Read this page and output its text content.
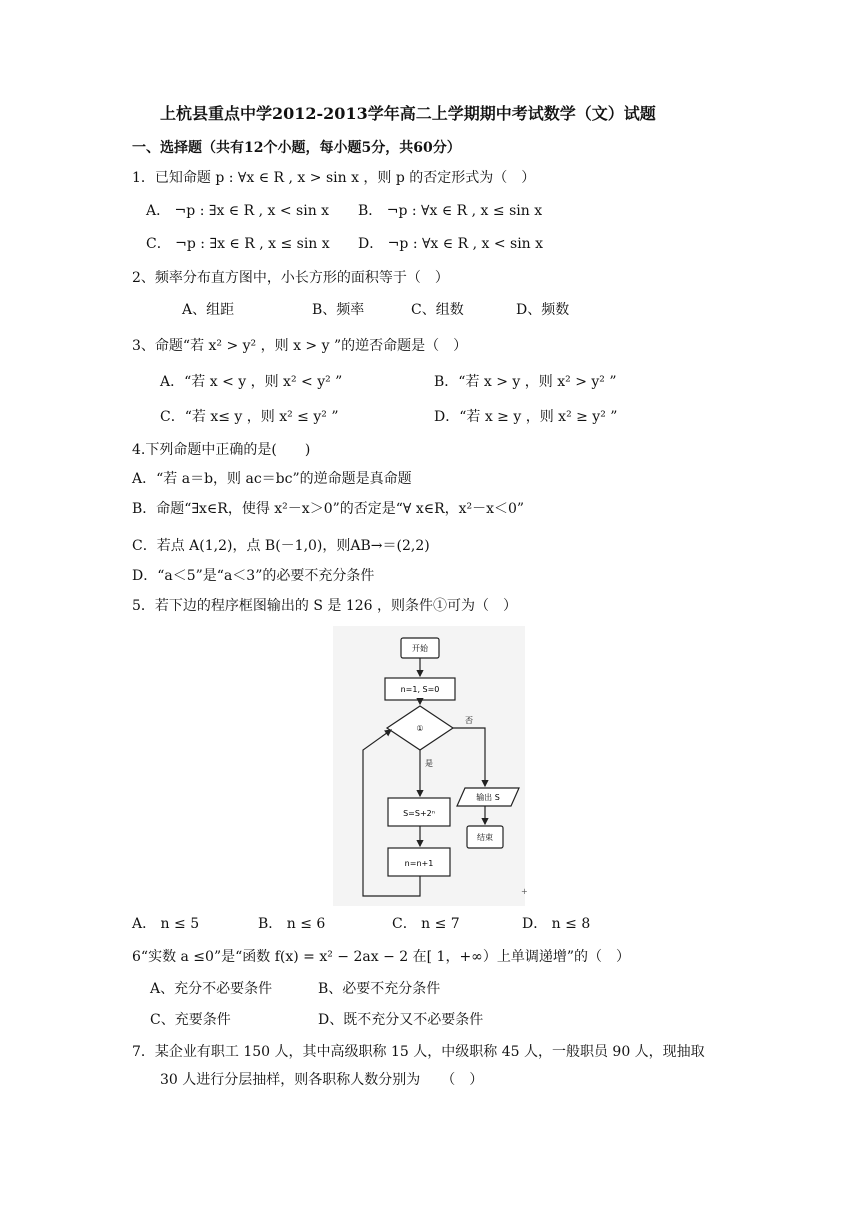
上杭县重点中学2012-2013学年高二上学期期中考试数学（文）试题
一、选择题（共有12个小题，每小题5分，共60分）
1．已知命题 p : ∀x ∈ R , x > sin x ，则 p 的否定形式为（　）
A． ¬p : ∃x ∈ R , x < sin x B． ¬p : ∀x ∈ R , x ≤ sin x
C． ¬p : ∃x ∈ R , x ≤ sin x D． ¬p : ∀x ∈ R , x < sin x
2、频率分布直方图中，小长方形的面积等于（　）
A、组距	B、频率	C、组数	D、频数
3、命题“若 x² > y² ，则 x > y ”的逆否命题是（　）
A．“若 x < y ，则 x² < y² ”	B．“若 x > y ，则 x² > y² ”
C．“若 x≤ y ，则 x² ≤ y² ”	D．“若 x ≥ y ，则 x² ≥ y² ”
4.下列命题中正确的是(　　)
A．“若 a＝b，则 ac＝bc”的逆命题是真命题
B．命题“∃x∈R，使得 x²－x＞0”的否定是“∀ x∈R，x²－x＜0”
C．若点 A(1,2)，点 B(－1,0)，则AB→＝(2,2)
D．“a＜5”是“a＜3”的必要不充分条件
5．若下边的程序框图输出的 S 是 126 ，则条件①可为（　）
开始
n=1, S=0
①
否
输出 S
结束
是
S=S+2ⁿ
n=n+1
+
A． n ≤ 5	B． n ≤ 6	C． n ≤ 7	D． n ≤ 8
6“实数 a ≤0”是“函数 f(x) = x² − 2ax − 2 在[ 1，+∞）上单调递增”的（　）
A、充分不必要条件	B、必要不充分条件
C、充要条件	D、既不充分又不必要条件
7．某企业有职工 150 人，其中高级职称 15 人，中级职称 45 人，一般职员 90 人，现抽取
30 人进行分层抽样，则各职称人数分别为　　（　）
